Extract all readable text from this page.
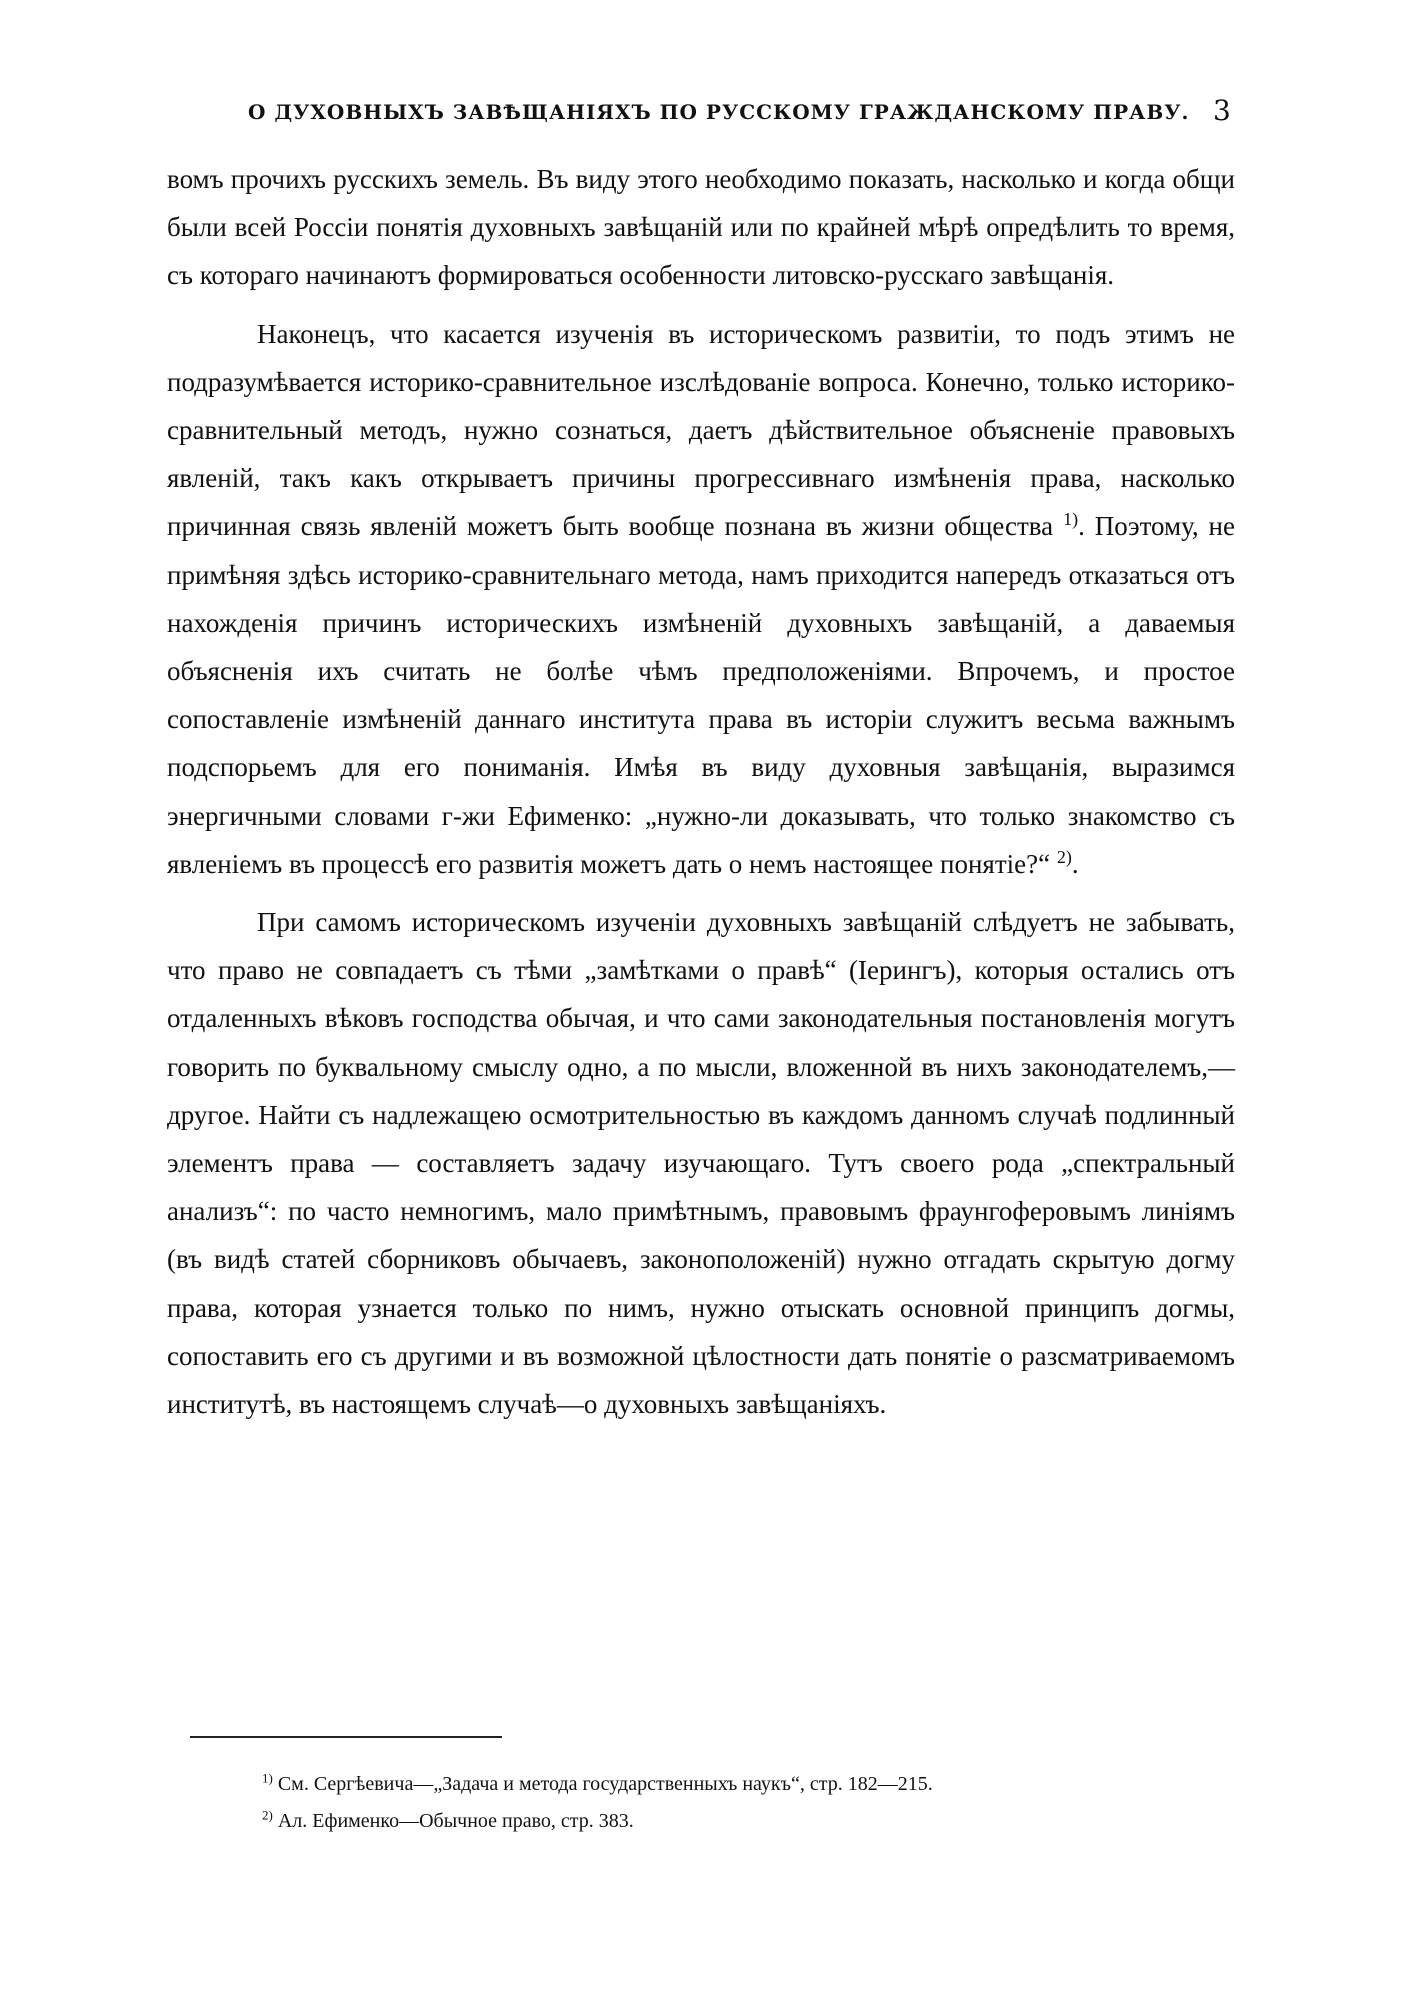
О ДУХОВНЫХЪ ЗАВѢЩАНІЯХЪ ПО РУССКОМУ ГРАЖДАНСКОМУ ПРАВУ. 3

вомъ прочихъ русскихъ земель. Въ виду этого необходимо показать, насколько и когда общи были всей Россіи понятія духовныхъ завѣщаній или по крайней мѣрѣ опредѣлить то время, съ котораго начинаютъ формироваться особенности литовско-русскаго завѣщанія.

Наконецъ, что касается изученія въ историческомъ развитіи, то подъ этимъ не подразумѣвается историко-сравнительное изслѣдованіе вопроса. Конечно, только историко-сравнительный методъ, нужно сознаться, даетъ дѣйствительное объясненіе правовыхъ явленій, такъ какъ открываетъ причины прогрессивнаго измѣненія права, насколько причинная связь явленій можетъ быть вообще познана въ жизни общества $^{1)}$. Поэтому, не примѣняя здѣсь историко-сравнительнаго метода, намъ приходится напередъ отказаться отъ нахожденія причинъ историческихъ измѣненій духовныхъ завѣщаній, а даваемыя объясненія ихъ считать не болѣе чѣмъ предположеніями. Впрочемъ, и простое сопоставленіе измѣненій даннаго института права въ исторіи служитъ весьма важнымъ подспорьемъ для его пониманія. Имѣя въ виду духовныя завѣщанія, выразимся энергичными словами г-жи Ефименко: „нужно-ли доказывать, что только знакомство съ явленіемъ въ процессѣ его развитія можетъ дать о немъ настоящее понятіе?“ $^{2)}$.

При самомъ историческомъ изученіи духовныхъ завѣщаній слѣдуетъ не забывать, что право не совпадаетъ съ тѣми „замѣтками о правѣ“ (Іерингъ), которыя остались отъ отдаленныхъ вѣковъ господства обычая, и что сами законодательныя постановленія могутъ говорить по буквальному смыслу одно, а по мысли, вложенной въ нихъ законодателемъ,—другое. Найти съ надлежащею осмотрительностью въ каждомъ данномъ случаѣ подлинный элементъ права — составляетъ задачу изучающаго. Тутъ своего рода „спектральный анализъ“: по часто немногимъ, мало примѣтнымъ, правовымъ фраунгоферовымъ линіямъ (въ видѣ статей сборниковъ обычаевъ, законоположеній) нужно отгадать скрытую догму права, которая узнается только по нимъ, нужно отыскать основной принципъ догмы, сопоставить его съ другими и въ возможной цѣлостности дать понятіе о разсматриваемомъ институтѣ, въ настоящемъ случаѣ—о духовныхъ завѣщаніяхъ.

$^{1)}$ См. Сергѣевича—„Задача и метода государственныхъ наукъ“, стр. 182—215.

$^{2)}$ Ал. Ефименко—Обычное право, стр. 383.
